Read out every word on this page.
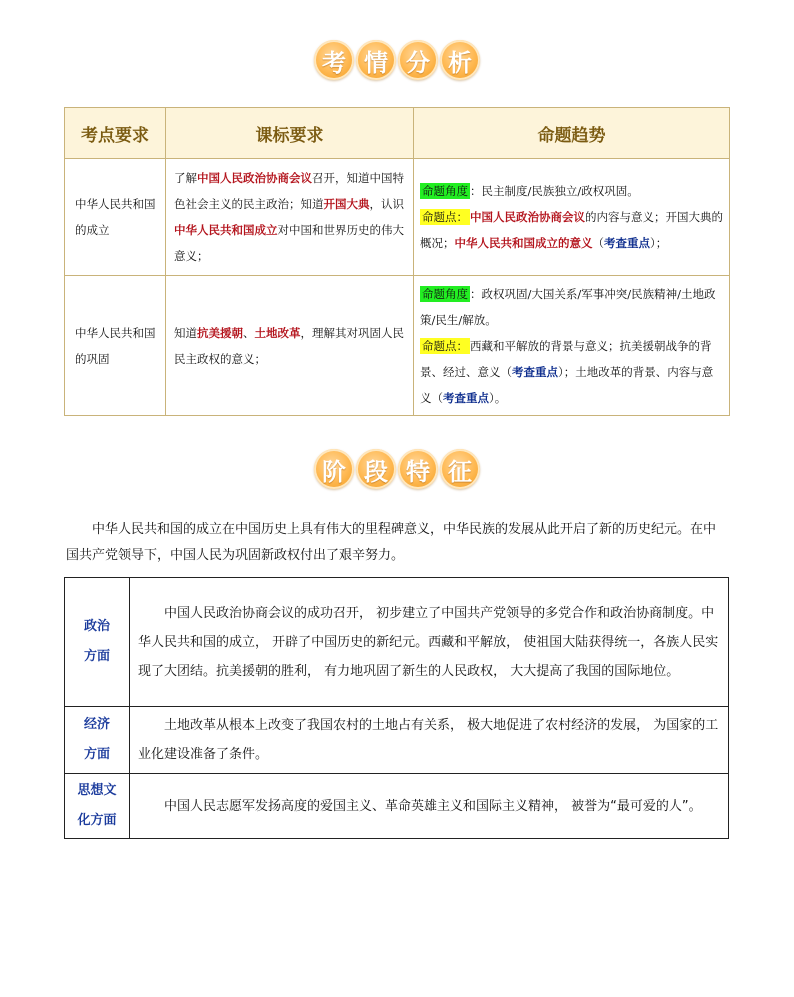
考 情 分 析
考点要求	课标要求	命题趋势
中华人民共和国的成立	了解中国人民政治协商会议召开，知道中国特色社会主义的民主政治；知道开国大典，认识中华人民共和国成立对中国和世界历史的伟大意义；	命题角度 ：民主制度/民族独立/政权巩固。
命题点： 中国人民政治协商会议的内容与意义；开国大典的概况；中华人民共和国成立的意义（考查重点）；

中华人民共和国的巩固	知道抗美援朝、土地改革，理解其对巩固人民民主政权的意义；	命题角度 ：政权巩固/大国关系/军事冲突/民族精神/土地政策/民生/解放。
命题点： 西藏和平解放的背景与意义；抗美援朝战争的背景、经过、意义（考查重点）；土地改革的背景、内容与意义（考查重点）。
阶 段 特 征

中华人民共和国的成立在中国历史上具有伟大的里程碑意义，中华民族的发展从此开启了新的历史纪元。在中国共产党领导下，中国人民为巩固新政权付出了艰辛努力。

政治方面	中国人民政治协商会议的成功召开， 初步建立了中国共产党领导的多党合作和政治协商制度。中华人民共和国的成立， 开辟了中国历史的新纪元。西藏和平解放， 使祖国大陆获得统一，各族人民实现了大团结。抗美援朝的胜利， 有力地巩固了新生的人民政权， 大大提高了我国的国际地位。

经济方面	土地改革从根本上改变了我国农村的土地占有关系， 极大地促进了农村经济的发展， 为国家的工业化建设准备了条件。

思想文化方面	中国人民志愿军发扬高度的爱国主义、革命英雄主义和国际主义精神， 被誉为“最可爱的人”。
